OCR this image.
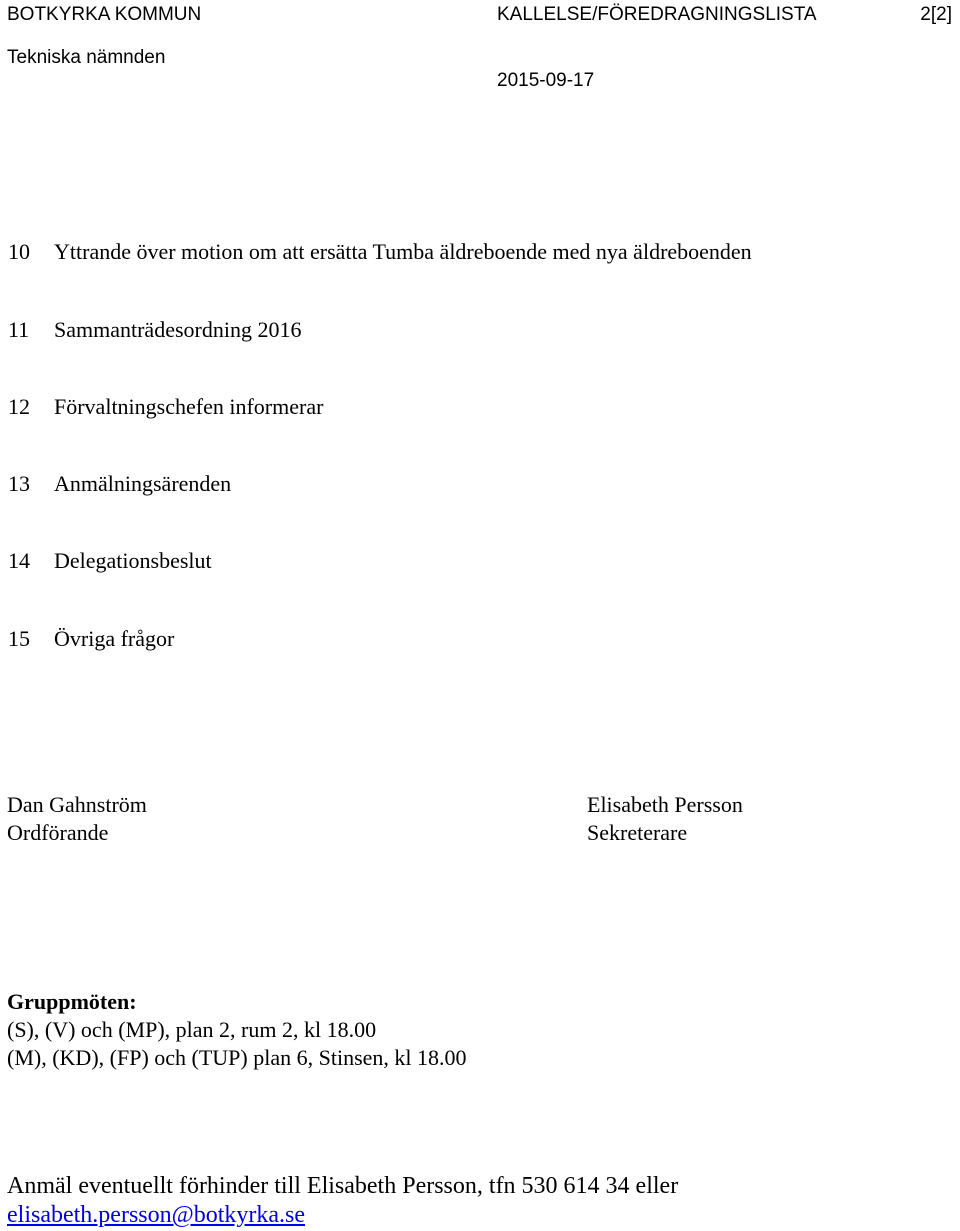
BOTKYRKA KOMMUN	KALLELSE/FÖREDRAGNINGSLISTA	2[2]
Tekniska nämnden
2015-09-17
10 Yttrande över motion om att ersätta Tumba äldreboende med nya äldreboenden
11 Sammanträdesordning 2016
12 Förvaltningschefen informerar
13 Anmälningsärenden
14 Delegationsbeslut
15 Övriga frågor
Dan Gahnström
Ordförande
Elisabeth Persson
Sekreterare
Gruppmöten:
(S), (V) och (MP), plan 2, rum 2, kl 18.00
(M), (KD), (FP) och (TUP) plan 6, Stinsen, kl 18.00
Anmäl eventuellt förhinder till Elisabeth Persson, tfn 530 614 34 eller
elisabeth.persson@botkyrka.se
